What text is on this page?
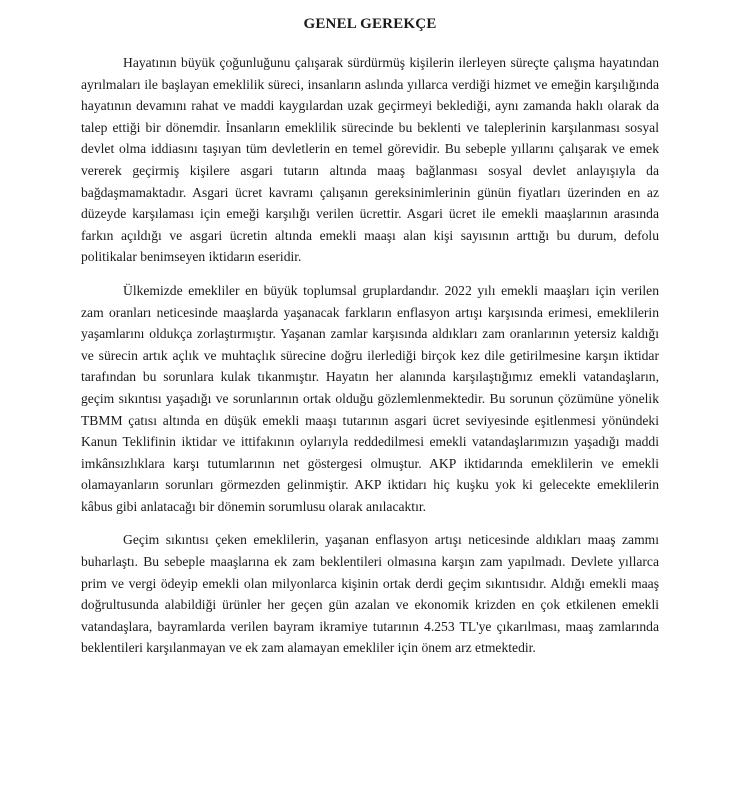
GENEL GEREKÇE

Hayatının büyük çoğunluğunu çalışarak sürdürmüş kişilerin ilerleyen süreçte çalışma hayatından ayrılmaları ile başlayan emeklilik süreci, insanların aslında yıllarca verdiği hizmet ve emeğin karşılığında hayatının devamını rahat ve maddi kaygılardan uzak geçirmeyi beklediği, aynı zamanda haklı olarak da talep ettiği bir dönemdir. İnsanların emeklilik sürecinde bu beklenti ve taleplerinin karşılanması sosyal devlet olma iddiasını taşıyan tüm devletlerin en temel görevidir. Bu sebeple yıllarını çalışarak ve emek vererek geçirmiş kişilere asgari tutarın altında maaş bağlanması sosyal devlet anlayışıyla da bağdaşmamaktadır. Asgari ücret kavramı çalışanın gereksinimlerinin günün fiyatları üzerinden en az düzeyde karşılaması için emeği karşılığı verilen ücrettir. Asgari ücret ile emekli maaşlarının arasında farkın açıldığı ve asgari ücretin altında emekli maaşı alan kişi sayısının arttığı bu durum, defolu politikalar benimseyen iktidarın eseridir.

Ülkemizde emekliler en büyük toplumsal gruplardandır. 2022 yılı emekli maaşları için verilen zam oranları neticesinde maaşlarda yaşanacak farkların enflasyon artışı karşısında erimesi, emeklilerin yaşamlarını oldukça zorlaştırmıştır. Yaşanan zamlar karşısında aldıkları zam oranlarının yetersiz kaldığı ve sürecin artık açlık ve muhtaçlık sürecine doğru ilerlediği birçok kez dile getirilmesine karşın iktidar tarafından bu sorunlara kulak tıkanmıştır. Hayatın her alanında karşılaştığımız emekli vatandaşların, geçim sıkıntısı yaşadığı ve sorunlarının ortak olduğu gözlemlenmektedir. Bu sorunun çözümüne yönelik TBMM çatısı altında en düşük emekli maaşı tutarının asgari ücret seviyesinde eşitlenmesi yönündeki Kanun Teklifinin iktidar ve ittifakının oylarıyla reddedilmesi emekli vatandaşlarımızın yaşadığı maddi imkânsızlıklara karşı tutumlarının net göstergesi olmuştur. AKP iktidarında emeklilerin ve emekli olamayanların sorunları görmezden gelinmiştir. AKP iktidarı hiç kuşku yok ki gelecekte emeklilerin kâbus gibi anlatacağı bir dönemin sorumlusu olarak anılacaktır.

Geçim sıkıntısı çeken emeklilerin, yaşanan enflasyon artışı neticesinde aldıkları maaş zammı buharlaştı. Bu sebeple maaşlarına ek zam beklentileri olmasına karşın zam yapılmadı. Devlete yıllarca prim ve vergi ödeyip emekli olan milyonlarca kişinin ortak derdi geçim sıkıntısıdır. Aldığı emekli maaş doğrultusunda alabildiği ürünler her geçen gün azalan ve ekonomik krizden en çok etkilenen emekli vatandaşlara, bayramlarda verilen bayram ikramiye tutarının 4.253 TL'ye çıkarılması, maaş zamlarında beklentileri karşılanmayan ve ek zam alamayan emekliler için önem arz etmektedir.
